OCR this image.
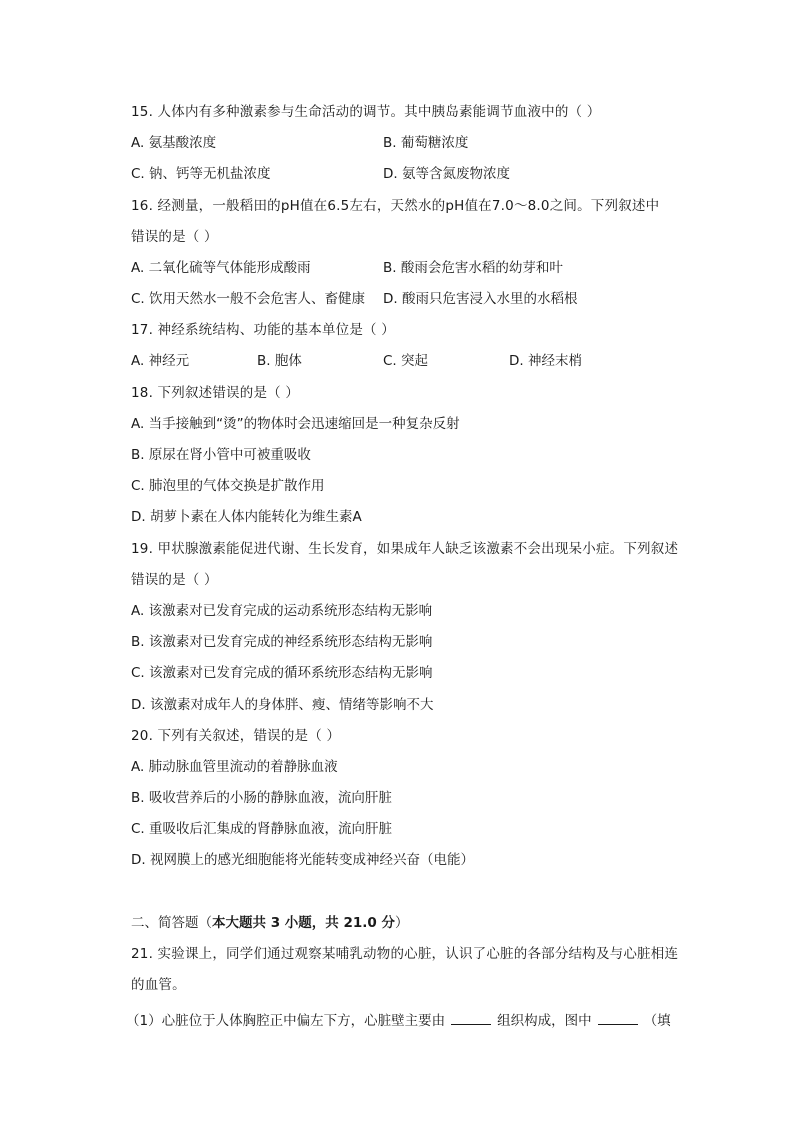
15. 人体内有多种激素参与生命活动的调节。其中胰岛素能调节血液中的（ ）
A. 氨基酸浓度	B. 葡萄糖浓度
C. 钠、钙等无机盐浓度	D. 氨等含氮废物浓度
16. 经测量，一般稻田的pH值在6.5左右，天然水的pH值在7.0～8.0之间。下列叙述中
错误的是（ ）
A. 二氧化硫等气体能形成酸雨	B. 酸雨会危害水稻的幼芽和叶
C. 饮用天然水一般不会危害人、畜健康 D. 酸雨只危害浸入水里的水稻根
17. 神经系统结构、功能的基本单位是（ ）
A. 神经元	B. 胞体	C. 突起	D. 神经末梢
18. 下列叙述错误的是（ ）
A. 当手接触到“烫”的物体时会迅速缩回是一种复杂反射
B. 原尿在肾小管中可被重吸收
C. 肺泡里的气体交换是扩散作用
D. 胡萝卜素在人体内能转化为维生素A
19. 甲状腺激素能促进代谢、生长发育，如果成年人缺乏该激素不会出现呆小症。下列叙述
错误的是（ ）
A. 该激素对已发育完成的运动系统形态结构无影响
B. 该激素对已发育完成的神经系统形态结构无影响
C. 该激素对已发育完成的循环系统形态结构无影响
D. 该激素对成年人的身体胖、瘦、情绪等影响不大
20. 下列有关叙述，错误的是（ ）
A. 肺动脉血管里流动的着静脉血液
B. 吸收营养后的小肠的静脉血液，流向肝脏
C. 重吸收后汇集成的肾静脉血液，流向肝脏
D. 视网膜上的感光细胞能将光能转变成神经兴奋（电能）
二、简答题（本大题共 3 小题，共 21.0 分）
21. 实验课上，同学们通过观察某哺乳动物的心脏，认识了心脏的各部分结构及与心脏相连
的血管。
（1）心脏位于人体胸腔正中偏左下方，心脏壁主要由	组织构成，图中	（填
